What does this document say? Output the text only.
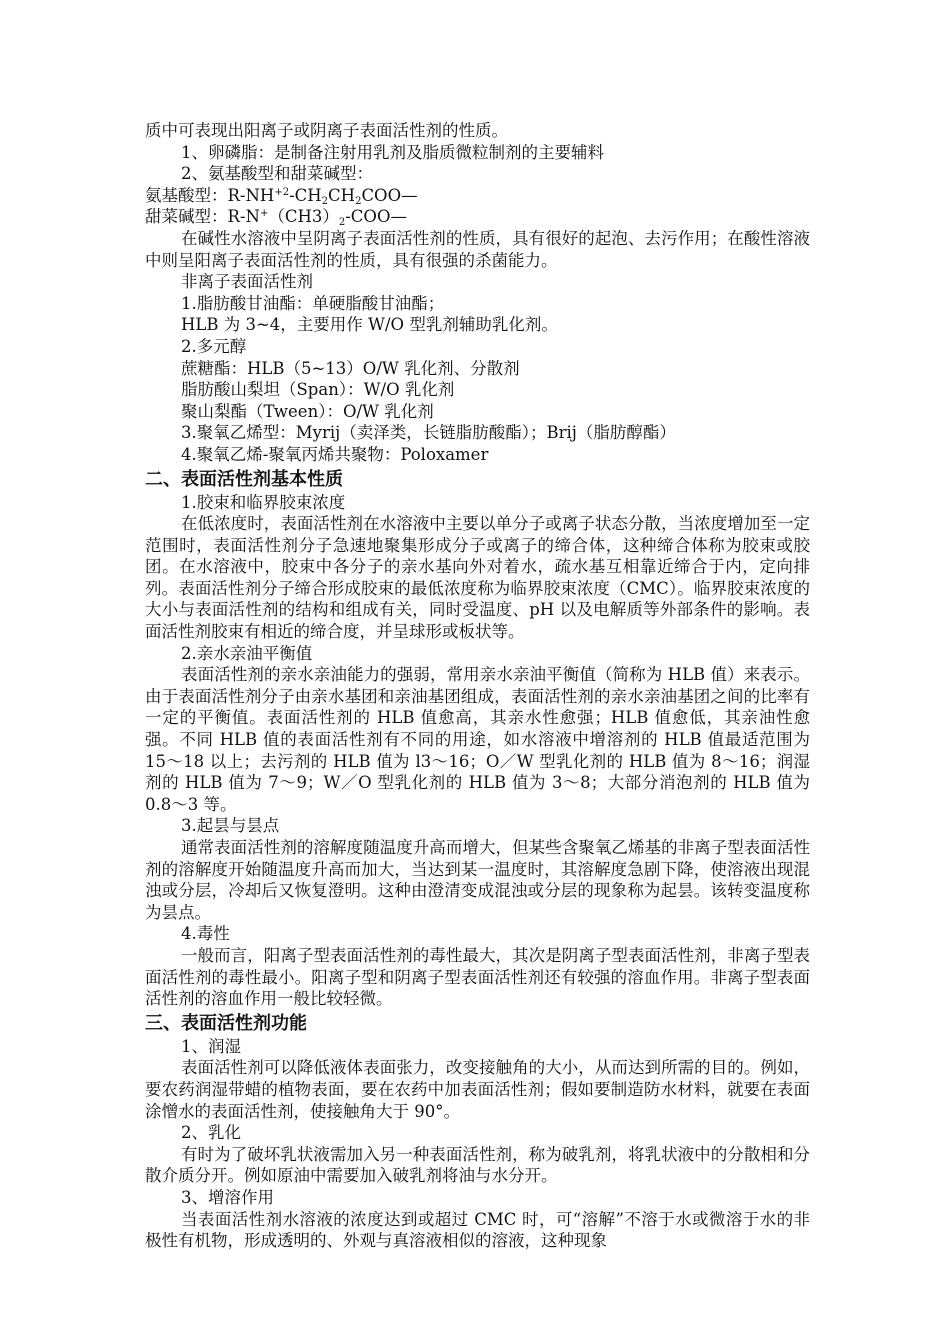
质中可表现出阳离子或阴离子表面活性剂的性质。
1、卵磷脂：是制备注射用乳剂及脂质微粒制剂的主要辅料
2、氨基酸型和甜菜碱型：
氨基酸型：$R-NH^{+2}-CH_2CH_2COO—$
甜菜碱型：$R-N^+(CH3)_2-COO—$
在碱性水溶液中呈阴离子表面活性剂的性质，具有很好的起泡、去污作用；在酸性溶液中则呈阳离子表面活性剂的性质，具有很强的杀菌能力。
非离子表面活性剂
1.脂肪酸甘油酯：单硬脂酸甘油酯；
HLB 为 3~4，主要用作 W/O 型乳剂辅助乳化剂。
2.多元醇
蔗糖酯：HLB（5~13）O/W 乳化剂、分散剂
脂肪酸山梨坦（Span）：W/O 乳化剂
聚山梨酯（Tween）：O/W 乳化剂
3.聚氧乙烯型：Myrij（卖泽类，长链脂肪酸酯）；Brij（脂肪醇酯）
4.聚氧乙烯-聚氧丙烯共聚物：Poloxamer
二、表面活性剂基本性质
1.胶束和临界胶束浓度
在低浓度时，表面活性剂在水溶液中主要以单分子或离子状态分散，当浓度增加至一定范围时，表面活性剂分子急速地聚集形成分子或离子的缔合体，这种缔合体称为胶束或胶团。在水溶液中，胶束中各分子的亲水基向外对着水，疏水基互相靠近缔合于内，定向排列。表面活性剂分子缔合形成胶束的最低浓度称为临界胶束浓度（CMC）。临界胶束浓度的大小与表面活性剂的结构和组成有关，同时受温度、pH 以及电解质等外部条件的影响。表面活性剂胶束有相近的缔合度，并呈球形或板状等。
2.亲水亲油平衡值
表面活性剂的亲水亲油能力的强弱，常用亲水亲油平衡值（简称为 HLB 值）来表示。由于表面活性剂分子由亲水基团和亲油基团组成，表面活性剂的亲水亲油基团之间的比率有一定的平衡值。表面活性剂的 HLB 值愈高，其亲水性愈强；HLB 值愈低，其亲油性愈强。不同 HLB 值的表面活性剂有不同的用途，如水溶液中增溶剂的 HLB 值最适范围为 15～18 以上；去污剂的 HLB 值为 l3～16；O／W 型乳化剂的 HLB 值为 8～16；润湿剂的 HLB 值为 7～9；W／O 型乳化剂的 HLB 值为 3～8；大部分消泡剂的 HLB 值为 0.8～3 等。
3.起昙与昙点
通常表面活性剂的溶解度随温度升高而增大，但某些含聚氧乙烯基的非离子型表面活性剂的溶解度开始随温度升高而加大，当达到某一温度时，其溶解度急剧下降，使溶液出现混浊或分层，冷却后又恢复澄明。这种由澄清变成混浊或分层的现象称为起昙。该转变温度称为昙点。
4.毒性
一般而言，阳离子型表面活性剂的毒性最大，其次是阴离子型表面活性剂，非离子型表面活性剂的毒性最小。阳离子型和阴离子型表面活性剂还有较强的溶血作用。非离子型表面活性剂的溶血作用一般比较轻微。
三、表面活性剂功能
1、润湿
表面活性剂可以降低液体表面张力，改变接触角的大小，从而达到所需的目的。例如，要农药润湿带蜡的植物表面，要在农药中加表面活性剂；假如要制造防水材料，就要在表面涂憎水的表面活性剂，使接触角大于 90°。
2、乳化
有时为了破坏乳状液需加入另一种表面活性剂，称为破乳剂，将乳状液中的分散相和分散介质分开。例如原油中需要加入破乳剂将油与水分开。
3、增溶作用
当表面活性剂水溶液的浓度达到或超过 CMC 时，可“溶解”不溶于水或微溶于水的非极性有机物，形成透明的、外观与真溶液相似的溶液，这种现象
